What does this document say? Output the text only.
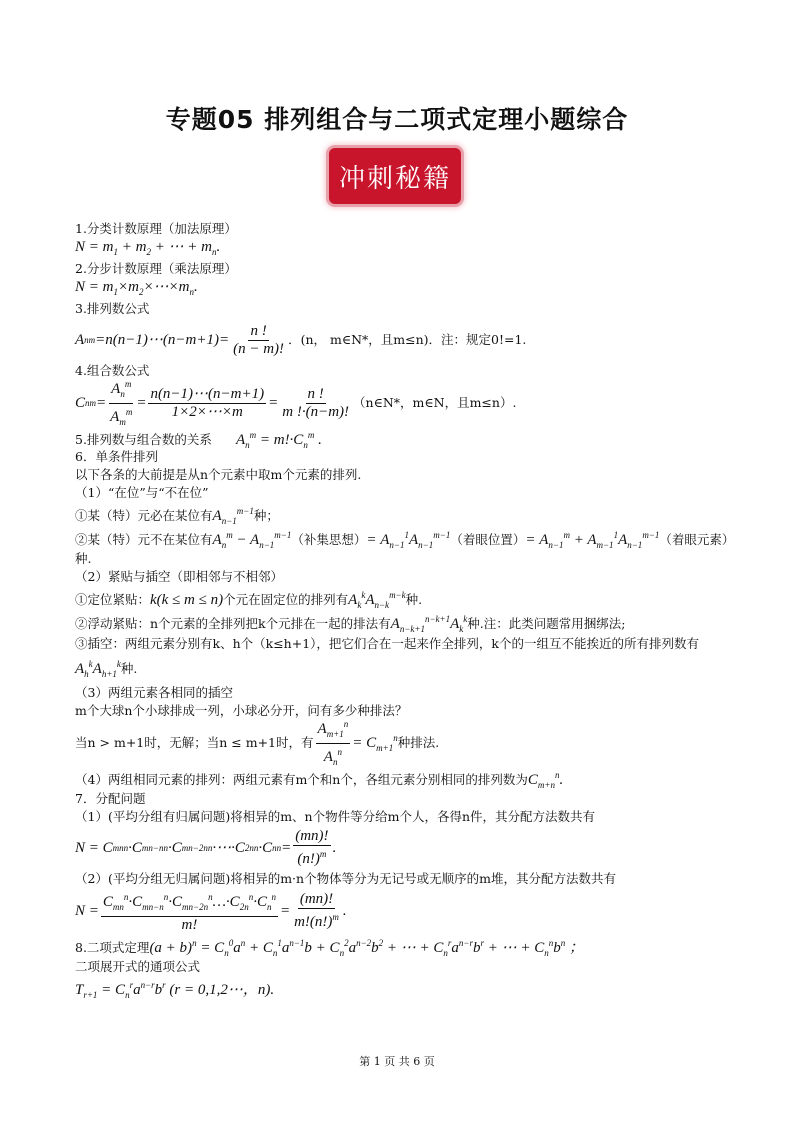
专题05 排列组合与二项式定理小题综合
冲刺秘籍
1.分类计数原理（加法原理）
$N = m_1 + m_2$ + ⋯ + $m_n$.
2.分步计数原理（乘法原理）
$N = m_1\times m_2\times\cdots\times m_n$.
3.排列数公式
A n m =n(n−1)⋯(n−m+1)= $\frac{n !}{(n - m)!}$ ．(n， m∈N*，且m≤n)．注：规定0!=1.
4.组合数公式
C n $m = \frac{A_n^m}{A_m^m} = \frac{n(n-1)\cdots(n-m+1)}{1\times 2\times\cdots\times m} = \frac{n !}{m !\cdot(n-m)!}$ （n∈N*，m∈N，且m≤n）.
5.排列数与组合数的关系 $A_n^m = m!\cdot C_n^m$ .
6．单条件排列
以下各条的大前提是从n个元素中取m个元素的排列.
（1）“在位”与“不在位”
①某（特）元必在某位有$A_{n-1}^{m-1}$种；
②某（特）元不在某位有$A_n^m - A_{n-1}^{m-1}$（补集思想）= $A_{n-1}^1A_{n-1}^{m-1}$（着眼位置）= $A_{n-1}^m + A_{m-1}^1A_{n-1}^{m-1}$（着眼元素）
种.
（2）紧贴与插空（即相邻与不相邻）
①定位紧贴：k(k ≤ m ≤ n)个元在固定位的排列有$A_k^kA_{n-k}^{m-k}$种.
②浮动紧贴：n个元素的全排列把k个元排在一起的排法有$A_{n-k+1}^{n-k+1}A_k^k$种.注：此类问题常用捆绑法;
③插空：两组元素分别有k、h个（k≤h+1），把它们合在一起来作全排列，k个的一组互不能挨近的所有排列数有$A_h^kA_{h+1}^k$种.
（3）两组元素各相同的插空
m个大球n个小球排成一列，小球必分开，问有多少种排法？
当n > m+1时，无解；当n ≤ m+1时，有 $\frac{A_{m+1}^n}{A_n^n} = C_{m+1}^n$ 种排法.
（4）两组相同元素的排列：两组元素有m个和n个，各组元素分别相同的排列数为$C_{m+n}^n$.
7．分配问题
（1）(平均分组有归属问题)将相异的m、n个物件等分给m个人，各得n件，其分配方法数共有
N = C mn n ·C mn−n n ·C mn−2n n ·⋯·C 2n n ·C n $n = \frac{(mn)!}{(n!)^m}$ .
（2）(平均分组无归属问题)将相异的m·n个物体等分为无记号或无顺序的m堆，其分配方法数共有
$N = \frac{C_{mn}^n\cdot C_{mn-n}^n\cdot C_{mn-2n}^n\dots\cdot C_{2n}^n\cdot C_n^n}{m!} = \frac{(mn)!}{m!(n!)^m}$ .
8.二项式定理$(a + b)^n = C_n^0a^n + C_n^1a^{n-1}b + C_n^2a^{n-2}b^2$ + ⋯ + $C_n^ra^{n-r}b^r$ + ⋯ + $C_n^nb^n$ ；
二项展开式的通项公式
$T_{r+1} = C_n^ra^{n-r}b^r$ (r = 0,1,2⋯，n).
第 1 页 共 6 页
